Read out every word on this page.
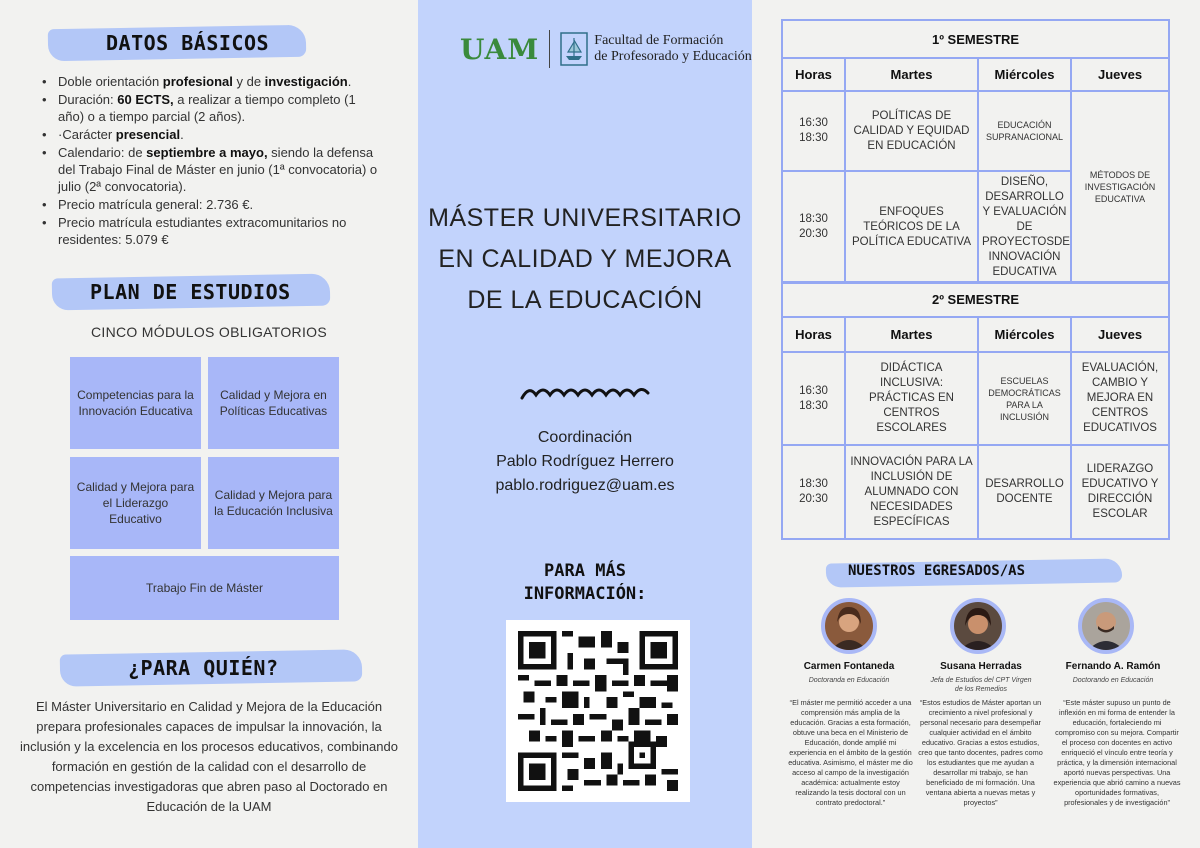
DATOS BÁSICOS
• Doble orientación profesional y de investigación.
• Duración: 60 ECTS, a realizar a tiempo completo (1 año) o a tiempo parcial (2 años).
• ·Carácter presencial.
• Calendario: de septiembre a mayo, siendo la defensa del Trabajo Final de Máster en junio (1ª convocatoria) o julio (2ª convocatoria).
• Precio matrícula general: 2.736 €.
• Precio matrícula estudiantes extracomunitarios no residentes: 5.079 €
PLAN DE ESTUDIOS
CINCO MÓDULOS OBLIGATORIOS
Competencias para la Innovación Educativa
Calidad y Mejora en Políticas Educativas
Calidad y Mejora para el Liderazgo Educativo
Calidad y Mejora para la Educación Inclusiva
Trabajo Fin de Máster
¿PARA QUIÉN?
El Máster Universitario en Calidad y Mejora de la Educación prepara profesionales capaces de impulsar la innovación, la inclusión y la excelencia en los procesos educativos, combinando formación en gestión de la calidad con el desarrollo de competencias investigadoras que abren paso al Doctorado en Educación de la UAM
UAM	Facultad de Formación
de Profesorado y Educación
MÁSTER UNIVERSITARIO EN CALIDAD Y MEJORA DE LA EDUCACIÓN
Coordinación
Pablo Rodríguez Herrero
pablo.rodriguez@uam.es
PARA MÁS INFORMACIÓN:
1º SEMESTRE			
Horas	Martes	Miércoles	Jueves
16:30 18:30	POLÍTICAS DE CALIDAD Y EQUIDAD EN EDUCACIÓN	EDUCACIÓN SUPRANACIONAL	MÉTODOS DE INVESTIGACIÓN EDUCATIVA
18:30 20:30	ENFOQUES TEÓRICOS DE LA POLÍTICA EDUCATIVA	DISEÑO, DESARROLLO Y EVALUACIÓN DE PROYECTOSDE INNOVACIÓN EDUCATIVA	
2º SEMESTRE			
Horas	Martes	Miércoles	Jueves
16:30 18:30	DIDÁCTICA INCLUSIVA: PRÁCTICAS EN CENTROS ESCOLARES	ESCUELAS DEMOCRÁTICAS PARA LA INCLUSIÓN	EVALUACIÓN, CAMBIO Y MEJORA EN CENTROS EDUCATIVOS
18:30 20:30	INNOVACIÓN PARA LA INCLUSIÓN DE ALUMNADO CON NECESIDADES ESPECÍFICAS	DESARROLLO DOCENTE	LIDERAZGO EDUCATIVO Y DIRECCIÓN ESCOLAR
NUESTROS EGRESADOS/AS
Carmen Fontaneda	Susana Herradas	Fernando A. Ramón
Doctoranda en Educación	Jefa de Estudios del CPT Virgen de los Remedios
Doctorando en Educación
“El máster me permitió acceder a una comprensión más amplia de la educación. Gracias a esta formación, obtuve una beca en el Ministerio de Educación, donde amplié mi experiencia en el ámbito de la gestión educativa. Asimismo, el máster me dio acceso al campo de la investigación académica: actualmente estoy realizando la tesis doctoral con un contrato predoctoral.”
“Estos estudios de Máster aportan un crecimiento a nivel profesional y personal necesario para desempeñar cualquier actividad en el ámbito educativo. Gracias a estos estudios, creo que tanto docentes, padres como los estudiantes que me ayudan a desarrollar mi trabajo, se han beneficiado de mi formación. Una ventana abierta a nuevas metas y proyectos”
“Este máster supuso un punto de inflexión en mi forma de entender la educación, fortaleciendo mi compromiso con su mejora. Compartir el proceso con docentes en activo enriqueció el vínculo entre teoría y práctica, y la dimensión internacional aportó nuevas perspectivas. Una experiencia que abrió camino a nuevas oportunidades formativas, profesionales y de investigación”
